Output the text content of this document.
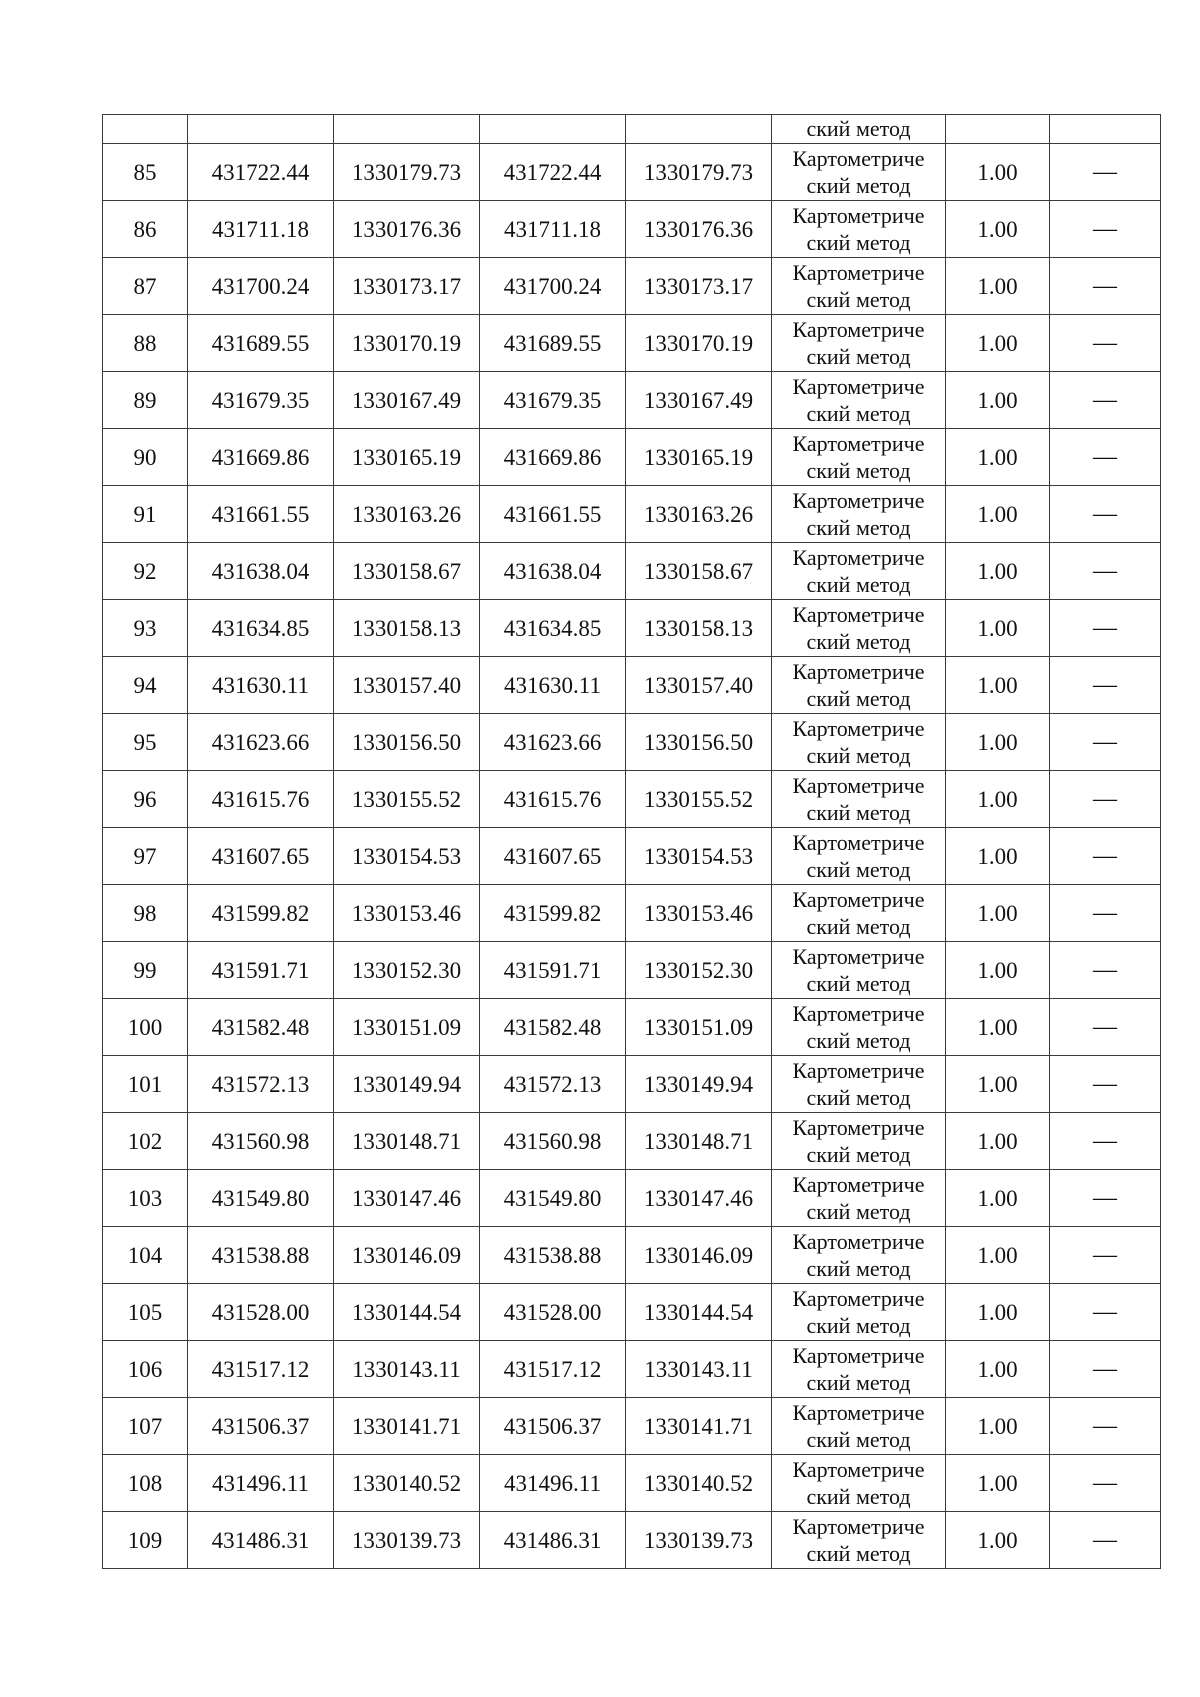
					ский метод		
85	431722.44	1330179.73	431722.44	1330179.73	Картометриче
ский метод	1.00	—
86	431711.18	1330176.36	431711.18	1330176.36	Картометриче
ский метод	1.00	—
87	431700.24	1330173.17	431700.24	1330173.17	Картометриче
ский метод	1.00	—
88	431689.55	1330170.19	431689.55	1330170.19	Картометриче
ский метод	1.00	—
89	431679.35	1330167.49	431679.35	1330167.49	Картометриче
ский метод	1.00	—
90	431669.86	1330165.19	431669.86	1330165.19	Картометриче
ский метод	1.00	—
91	431661.55	1330163.26	431661.55	1330163.26	Картометриче
ский метод	1.00	—
92	431638.04	1330158.67	431638.04	1330158.67	Картометриче
ский метод	1.00	—
93	431634.85	1330158.13	431634.85	1330158.13	Картометриче
ский метод	1.00	—
94	431630.11	1330157.40	431630.11	1330157.40	Картометриче
ский метод	1.00	—
95	431623.66	1330156.50	431623.66	1330156.50	Картометриче
ский метод	1.00	—
96	431615.76	1330155.52	431615.76	1330155.52	Картометриче
ский метод	1.00	—
97	431607.65	1330154.53	431607.65	1330154.53	Картометриче
ский метод	1.00	—
98	431599.82	1330153.46	431599.82	1330153.46	Картометриче
ский метод	1.00	—
99	431591.71	1330152.30	431591.71	1330152.30	Картометриче
ский метод	1.00	—
100	431582.48	1330151.09	431582.48	1330151.09	Картометриче
ский метод	1.00	—
101	431572.13	1330149.94	431572.13	1330149.94	Картометриче
ский метод	1.00	—
102	431560.98	1330148.71	431560.98	1330148.71	Картометриче
ский метод	1.00	—
103	431549.80	1330147.46	431549.80	1330147.46	Картометриче
ский метод	1.00	—
104	431538.88	1330146.09	431538.88	1330146.09	Картометриче
ский метод	1.00	—
105	431528.00	1330144.54	431528.00	1330144.54	Картометриче
ский метод	1.00	—
106	431517.12	1330143.11	431517.12	1330143.11	Картометриче
ский метод	1.00	—
107	431506.37	1330141.71	431506.37	1330141.71	Картометриче
ский метод	1.00	—
108	431496.11	1330140.52	431496.11	1330140.52	Картометриче
ский метод	1.00	—
109	431486.31	1330139.73	431486.31	1330139.73	Картометриче
ский метод	1.00	—
